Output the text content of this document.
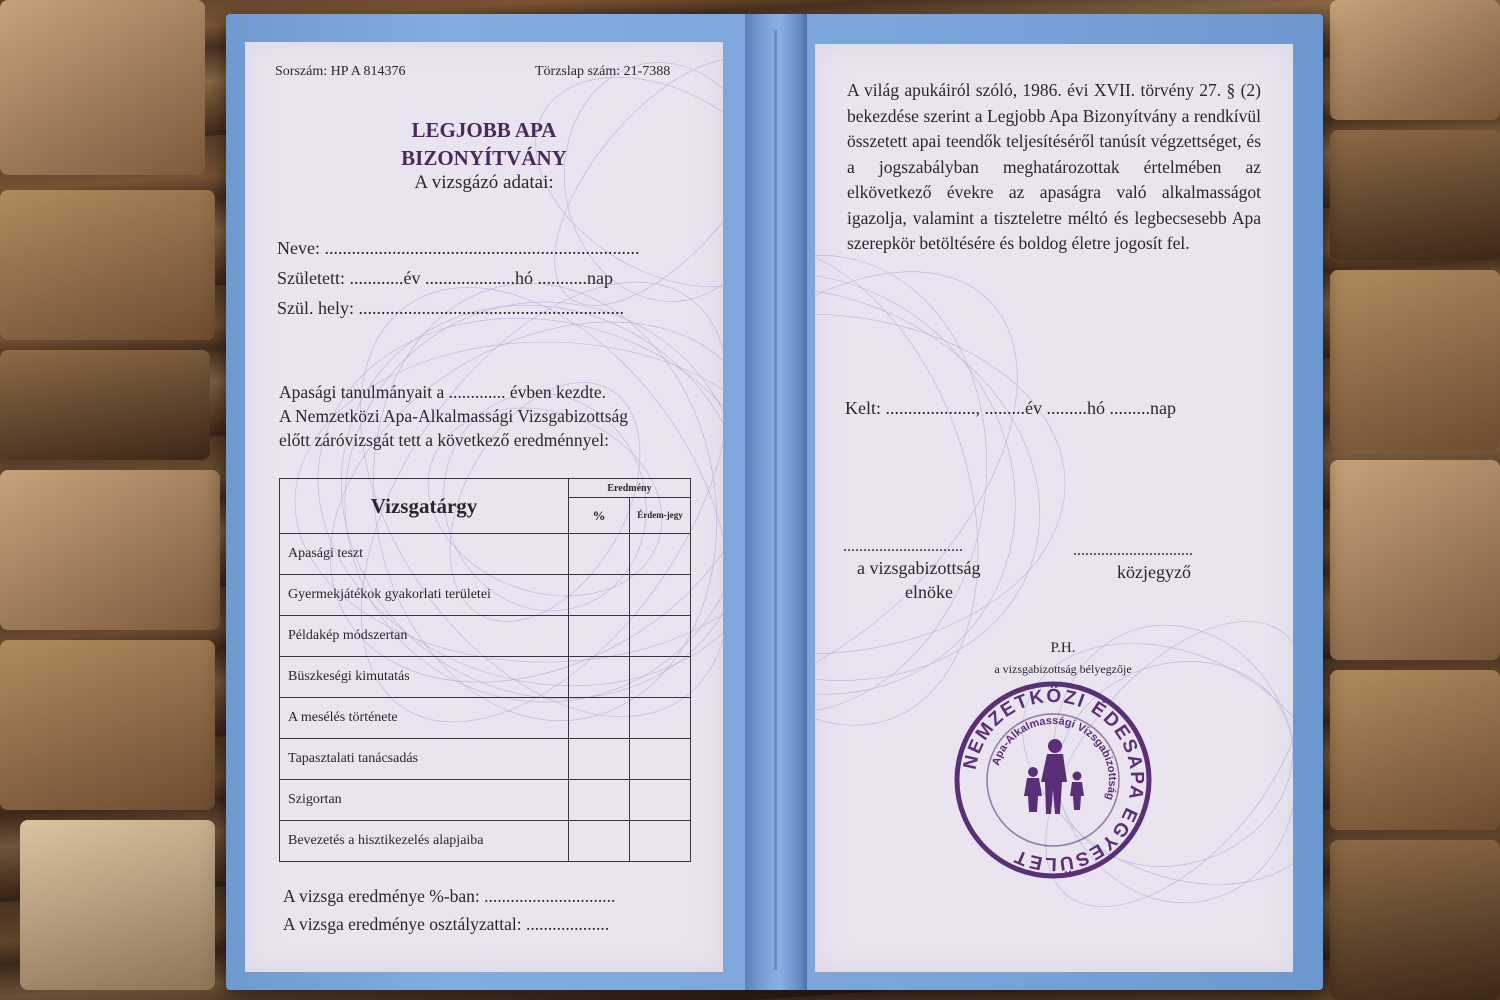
Sorszám: HP A 814376	Törzslap szám: 21-7388
LEGJOBB APA
BIZONYÍTVÁNY
A vizsgázó adatai:
Neve: ......................................................................
Született: ............év ....................hó ...........nap
Szül. hely: ...........................................................
Apasági tanulmányait a ............. évben kezdte.
A Nemzetközi Apa-Alkalmassági Vizsgabizottság
előtt záróvizsgát tett a következő eredménnyel:
Vizsgatárgy	Eredmény	
	%	Érdem-jegy
Apasági teszt		
Gyermekjátékok gyakorlati területei		
Példakép módszertan		
Büszkeségi kimutatás		
A mesélés története		
Tapasztalati tanácsadás		
Szigortan		
Bevezetés a hisztikezelés alapjaiba		
A vizsga eredménye %-ban: ..............................
A vizsga eredménye osztályzattal: ...................
A világ apukáiról szóló, 1986. évi XVII. törvény 27. § (2) bekezdése szerint a Legjobb Apa Bizonyítvány a rendkívül összetett apai teendők teljesítéséről tanúsít végzettséget, és a jogszabályban meghatározottak értelmében az elkövetkező évekre az apaságra való alkalmasságot igazolja, valamint a tiszteletre méltó és legbecsesebb Apa szerepkör betöltésére és boldog életre jogosít fel.
Kelt: ...................., .........év .........hó .........nap
..............................	..............................
a vizsgabizottság
elnöke
közjegyző
P.H.
a vizsgabizottság bélyegzője
NEMZETKÖZI ÉDESAPA EGYESÜLET
Apa-Alkalmassági Vizsgabizottság
